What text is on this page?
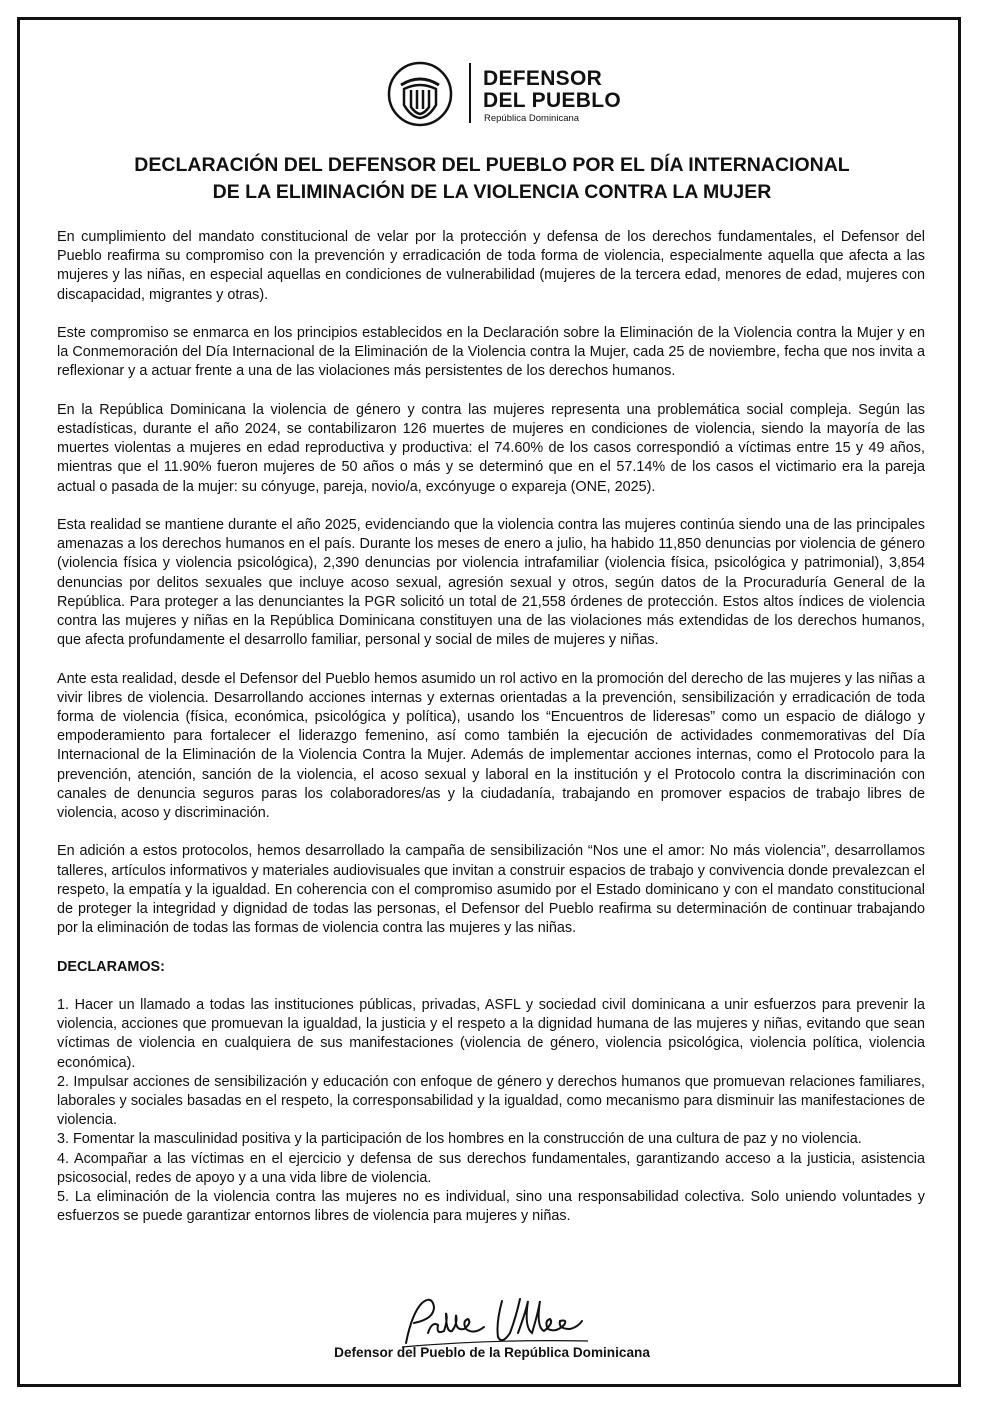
DEFENSOR
DEL PUEBLO
República Dominicana
DECLARACIÓN DEL DEFENSOR DEL PUEBLO POR EL DÍA INTERNACIONAL
DE LA ELIMINACIÓN DE LA VIOLENCIA CONTRA LA MUJER

En cumplimiento del mandato constitucional de velar por la protección y defensa de los derechos fundamentales, el Defensor del Pueblo reafirma su compromiso con la prevención y erradicación de toda forma de violencia, especialmente aquella que afecta a las mujeres y las niñas, en especial aquellas en condiciones de vulnerabilidad (mujeres de la tercera edad, menores de edad, mujeres con discapacidad, migrantes y otras).

Este compromiso se enmarca en los principios establecidos en la Declaración sobre la Eliminación de la Violencia contra la Mujer y en la Conmemoración del Día Internacional de la Eliminación de la Violencia contra la Mujer, cada 25 de noviembre, fecha que nos invita a reflexionar y a actuar frente a una de las violaciones más persistentes de los derechos humanos.

En la República Dominicana la violencia de género y contra las mujeres representa una problemática social compleja. Según las estadísticas, durante el año 2024, se contabilizaron 126 muertes de mujeres en condiciones de violencia, siendo la mayoría de las muertes violentas a mujeres en edad reproductiva y productiva: el 74.60% de los casos correspondió a víctimas entre 15 y 49 años, mientras que el 11.90% fueron mujeres de 50 años o más y se determinó que en el 57.14% de los casos el victimario era la pareja actual o pasada de la mujer: su cónyuge, pareja, novio/a, excónyuge o expareja (ONE, 2025).

Esta realidad se mantiene durante el año 2025, evidenciando que la violencia contra las mujeres continúa siendo una de las principales amenazas a los derechos humanos en el país. Durante los meses de enero a julio, ha habido 11,850 denuncias por violencia de género (violencia física y violencia psicológica), 2,390 denuncias por violencia intrafamiliar (violencia física, psicológica y patrimonial), 3,854 denuncias por delitos sexuales que incluye acoso sexual, agresión sexual y otros, según datos de la Procuraduría General de la República. Para proteger a las denunciantes la PGR solicitó un total de 21,558 órdenes de protección. Estos altos índices de violencia contra las mujeres y niñas en la República Dominicana constituyen una de las violaciones más extendidas de los derechos humanos, que afecta profundamente el desarrollo familiar, personal y social de miles de mujeres y niñas.

Ante esta realidad, desde el Defensor del Pueblo hemos asumido un rol activo en la promoción del derecho de las mujeres y las niñas a vivir libres de violencia. Desarrollando acciones internas y externas orientadas a la prevención, sensibilización y erradicación de toda forma de violencia (física, económica, psicológica y política), usando los “Encuentros de lideresas” como un espacio de diálogo y empoderamiento para fortalecer el liderazgo femenino, así como también la ejecución de actividades conmemorativas del Día Internacional de la Eliminación de la Violencia Contra la Mujer. Además de implementar acciones internas, como el Protocolo para la prevención, atención, sanción de la violencia, el acoso sexual y laboral en la institución y el Protocolo contra la discriminación con canales de denuncia seguros paras los colaboradores/as y la ciudadanía, trabajando en promover espacios de trabajo libres de violencia, acoso y discriminación.

En adición a estos protocolos, hemos desarrollado la campaña de sensibilización “Nos une el amor: No más violencia”, desarrollamos talleres, artículos informativos y materiales audiovisuales que invitan a construir espacios de trabajo y convivencia donde prevalezcan el respeto, la empatía y la igualdad. En coherencia con el compromiso asumido por el Estado dominicano y con el mandato constitucional de proteger la integridad y dignidad de todas las personas, el Defensor del Pueblo reafirma su determinación de continuar trabajando por la eliminación de todas las formas de violencia contra las mujeres y las niñas.

DECLARAMOS:

1. Hacer un llamado a todas las instituciones públicas, privadas, ASFL y sociedad civil dominicana a unir esfuerzos para prevenir la violencia, acciones que promuevan la igualdad, la justicia y el respeto a la dignidad humana de las mujeres y niñas, evitando que sean víctimas de violencia en cualquiera de sus manifestaciones (violencia de género, violencia psicológica, violencia política, violencia económica).
2. Impulsar acciones de sensibilización y educación con enfoque de género y derechos humanos que promuevan relaciones familiares, laborales y sociales basadas en el respeto, la corresponsabilidad y la igualdad, como mecanismo para disminuir las manifestaciones de violencia.
3. Fomentar la masculinidad positiva y la participación de los hombres en la construcción de una cultura de paz y no violencia.
4. Acompañar a las víctimas en el ejercicio y defensa de sus derechos fundamentales, garantizando acceso a la justicia, asistencia psicosocial, redes de apoyo y a una vida libre de violencia.
5. La eliminación de la violencia contra las mujeres no es individual, sino una responsabilidad colectiva. Solo uniendo voluntades y esfuerzos se puede garantizar entornos libres de violencia para mujeres y niñas.
Defensor del Pueblo de la República Dominicana
